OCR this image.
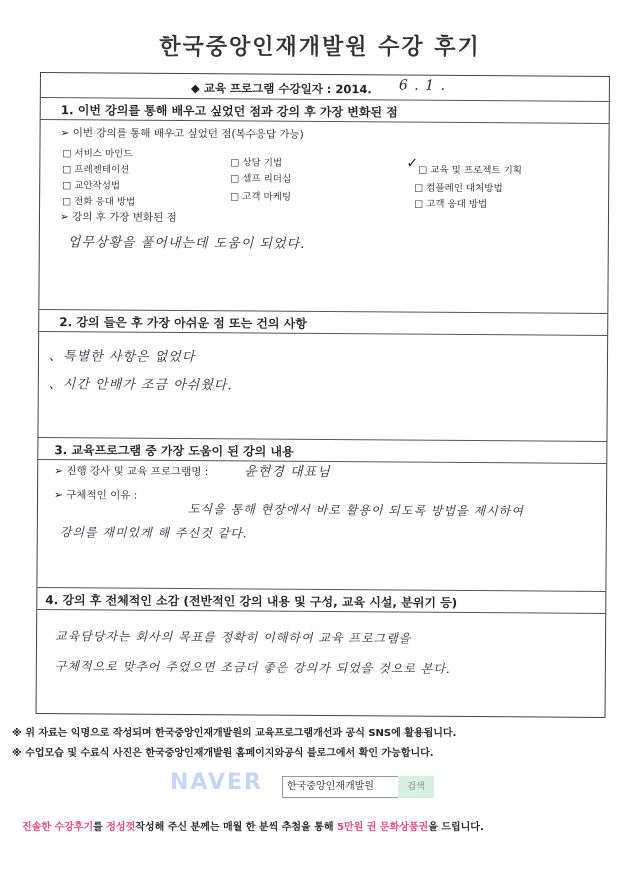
한국중앙인재개발원 수강 후기
◆ 교육 프로그램 수강일자 : 2014. 6 . 1 .
1. 이번 강의를 통해 배우고 싶었던 점과 강의 후 가장 변화된 점
➢ 이번 강의를 통해 배우고 싶었던 점(복수응답 가능)
□ 서비스 마인드
□ 프레젠테이션
□ 교안작성법
□ 전화 응대 방법
□ 상담 기법
□ 셀프 리더십
□ 고객 마케팅
✓ □ 교육 및 프로젝트 기획
□ 컴플레인 대처방법
□ 고객 응대 방법
➢ 강의 후 가장 변화된 점
업무상황을 풀어내는데 도움이 되었다.
2. 강의 들은 후 가장 아쉬운 점 또는 건의 사항
、특별한 사항은 없었다
、시간 안배가 조금 아쉬웠다.
3. 교육프로그램 중 가장 도움이 된 강의 내용
➢ 진행 강사 및 교육 프로그램명 :	윤현경 대표님
➢ 구체적인 이유 :
도식을 통해 현장에서 바로 활용이 되도록 방법을 제시하여
강의를 재미있게 해 주신것 같다.
4. 강의 후 전체적인 소감 (전반적인 강의 내용 및 구성, 교육 시설, 분위기 등)
교육담당자는 회사의 목표를 정확히 이해하여 교육 프로그램을
구체적으로 맞추어 주었으면 조금더 좋은 강의가 되었을 것으로 본다.
※ 위 자료는 익명으로 작성되며 한국중앙인재개발원의 교육프로그램개선과 공식 SNS에 활용됩니다.
※ 수업모습 및 수료식 사진은 한국중앙인재개발원 홈페이지와공식 블로그에서 확인 가능합니다.
NAVER	한국중앙인재개발원	검색
진솔한 수강후기를 정성껏작성해 주신 분께는 매월 한 분씩 추첨을 통해 5만원 권 문화상품권을 드립니다.
